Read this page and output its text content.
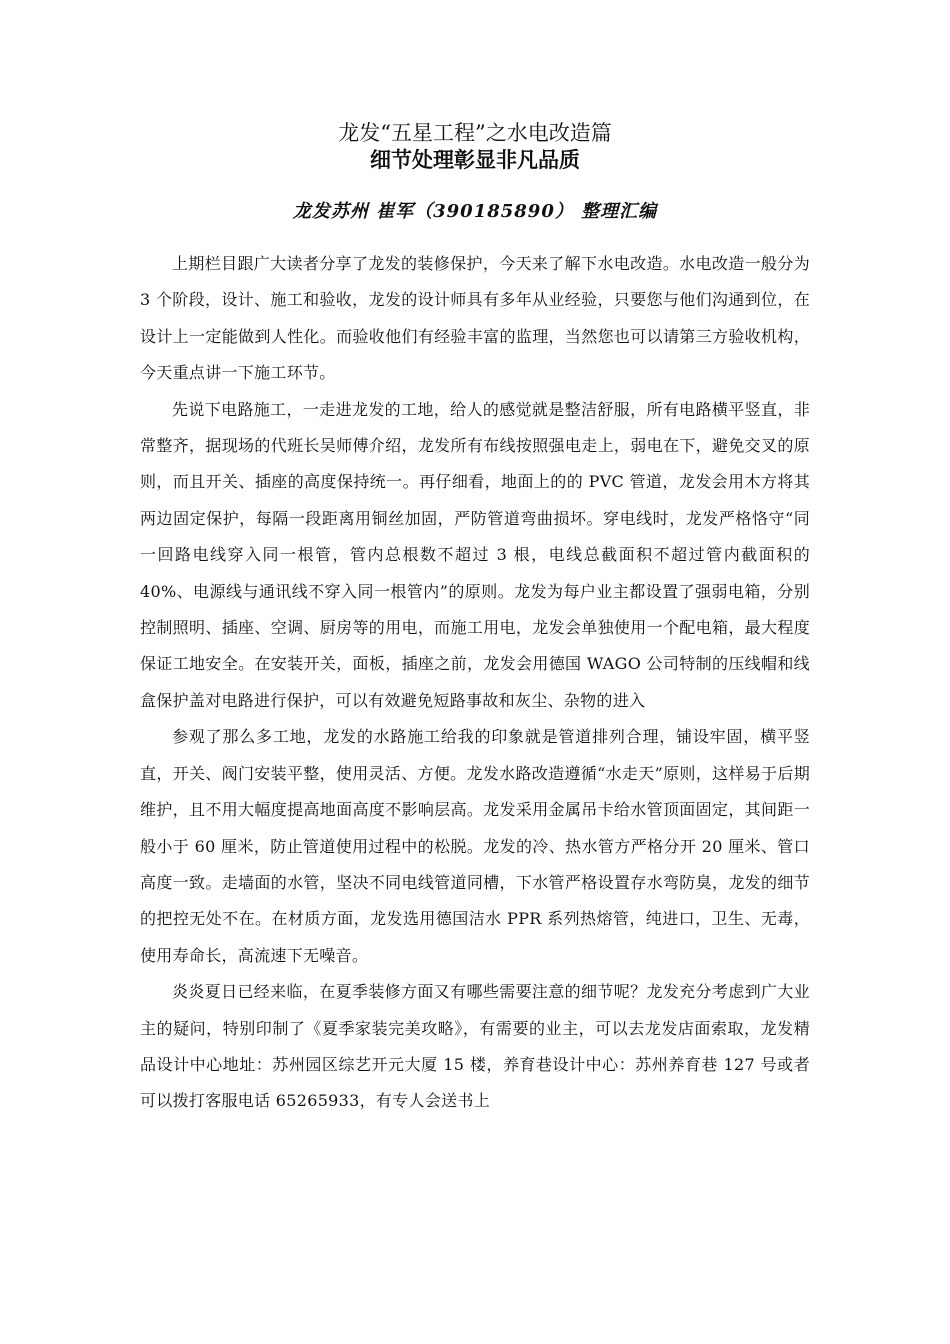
龙发“五星工程”之水电改造篇
细节处理彰显非凡品质
龙发苏州 崔军（390185890） 整理汇编

上期栏目跟广大读者分享了龙发的装修保护，今天来了解下水电改造。水电改造一般分为 3 个阶段，设计、施工和验收，龙发的设计师具有多年从业经验，只要您与他们沟通到位，在设计上一定能做到人性化。而验收他们有经验丰富的监理，当然您也可以请第三方验收机构，今天重点讲一下施工环节。

先说下电路施工，一走进龙发的工地，给人的感觉就是整洁舒服，所有电路横平竖直，非常整齐，据现场的代班长吴师傅介绍，龙发所有布线按照强电走上，弱电在下，避免交叉的原则，而且开关、插座的高度保持统一。再仔细看，地面上的的 PVC 管道，龙发会用木方将其两边固定保护，每隔一段距离用铜丝加固，严防管道弯曲损坏。穿电线时，龙发严格恪守“同一回路电线穿入同一根管，管内总根数不超过 3 根，电线总截面积不超过管内截面积的 40%、电源线与通讯线不穿入同一根管内”的原则。龙发为每户业主都设置了强弱电箱，分别控制照明、插座、空调、厨房等的用电，而施工用电，龙发会单独使用一个配电箱，最大程度保证工地安全。在安装开关，面板，插座之前，龙发会用德国 WAGO 公司特制的压线帽和线盒保护盖对电路进行保护，可以有效避免短路事故和灰尘、杂物的进入

参观了那么多工地，龙发的水路施工给我的印象就是管道排列合理，铺设牢固，横平竖直，开关、阀门安装平整，使用灵活、方便。龙发水路改造遵循“水走天”原则，这样易于后期维护，且不用大幅度提高地面高度不影响层高。龙发采用金属吊卡给水管顶面固定，其间距一般小于 60 厘米，防止管道使用过程中的松脱。龙发的冷、热水管方严格分开 20 厘米、管口高度一致。走墙面的水管，坚决不同电线管道同槽，下水管严格设置存水弯防臭，龙发的细节的把控无处不在。在材质方面，龙发选用德国洁水 PPR 系列热熔管，纯进口，卫生、无毒，使用寿命长，高流速下无噪音。

炎炎夏日已经来临，在夏季装修方面又有哪些需要注意的细节呢？龙发充分考虑到广大业主的疑问，特别印制了《夏季家装完美攻略》，有需要的业主，可以去龙发店面索取，龙发精品设计中心地址：苏州园区综艺开元大厦 15 楼，养育巷设计中心：苏州养育巷 127 号或者可以拨打客服电话 65265933，有专人会送书上
